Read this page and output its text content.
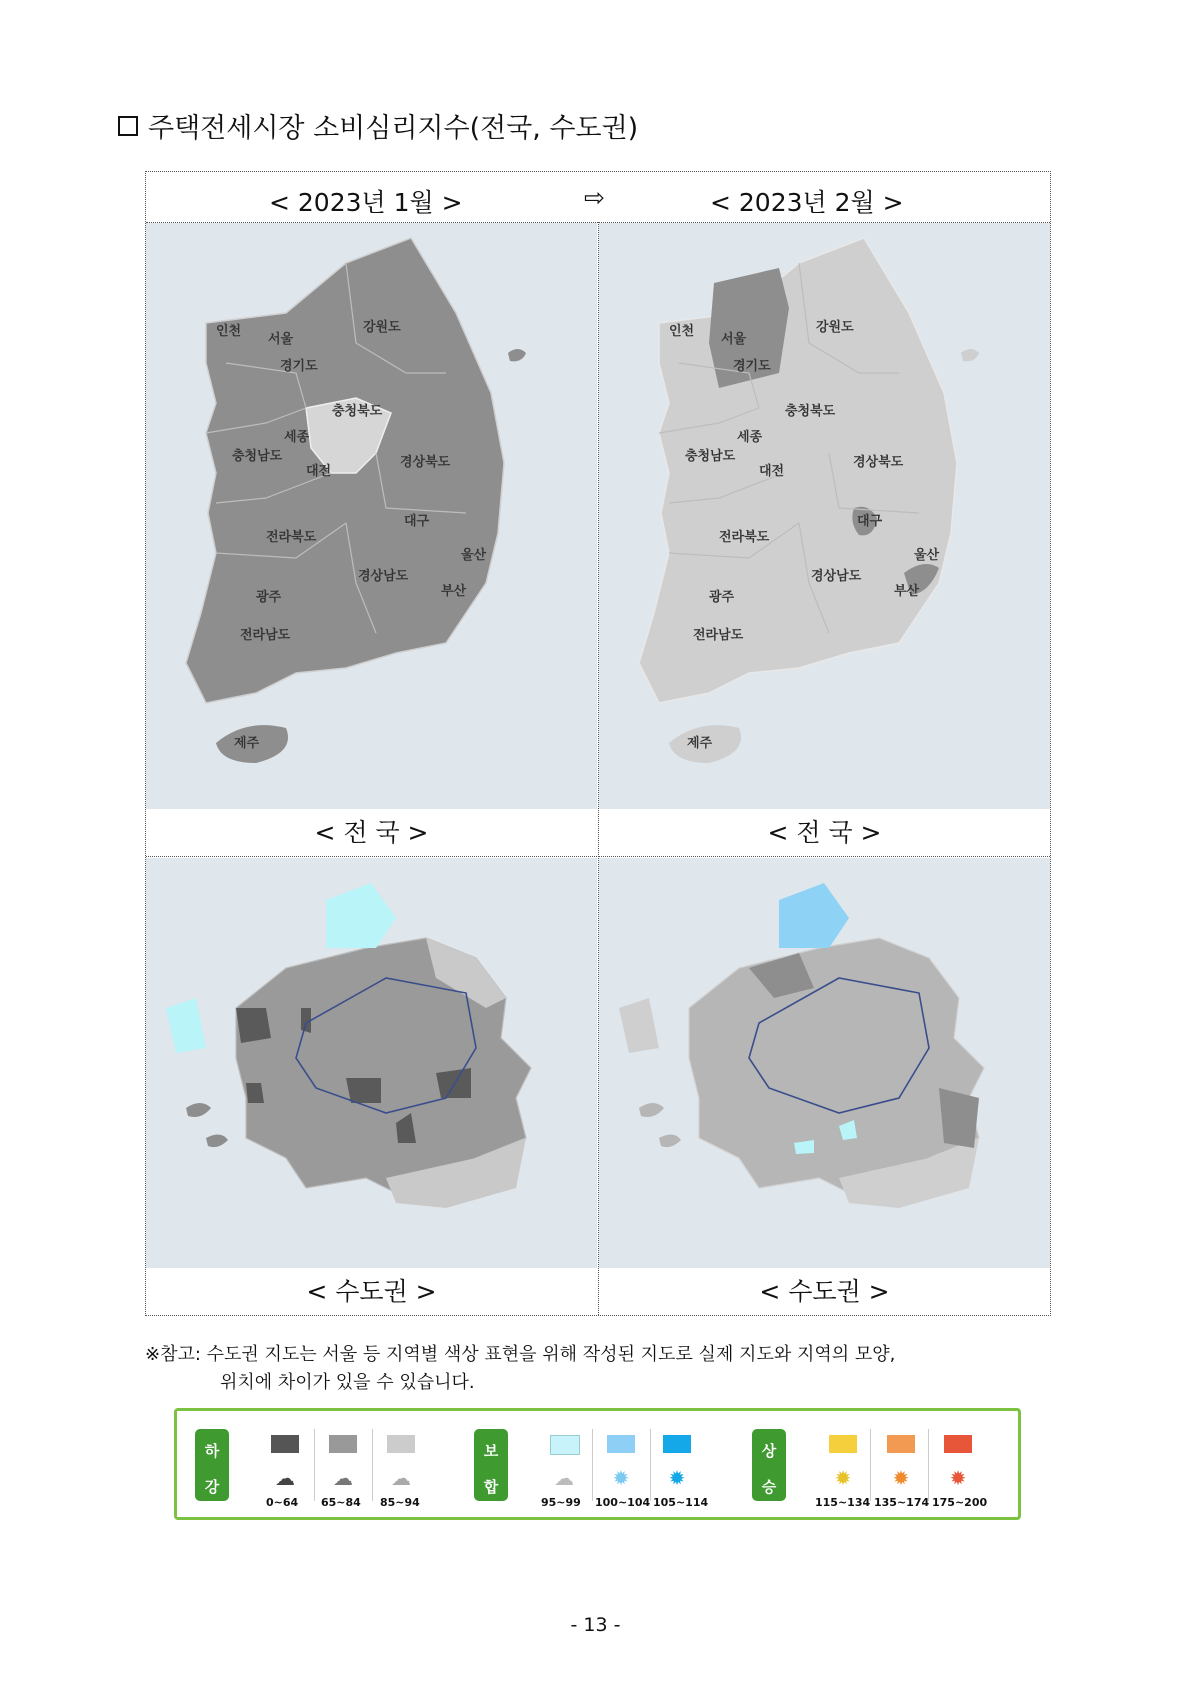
주택전세시장 소비심리지수(전국, 수도권)
< 2023년 1월 >	⇨	< 2023년 2월 >
인천
서울
강원도
경기도
충청북도
세종
충청남도
대전
경상북도
대구
전라북도
울산
경상남도
광주	부산
전라남도
제주
인천
서울
강원도
경기도
충청북도
세종
충청남도
대전
경상북도
대구
전라북도
울산
경상남도
광주	부산
전라남도
제주
< 전 국 >	< 전 국 >

< 수도권 >	< 수도권 >
※참고: 수도권 지도는 서울 등 지역별 색상 표현을 위해 작성된 지도로 실제 지도와 지역의 모양,
위치에 차이가 있을 수 있습니다.
하
강
보
합
상
승
☁
0~64
☁
65~84
☁
85~94
☁
95~99
✹
100~104
✹
105~114
✹
115~134
✹
135~174
✹
175~200
- 13 -
